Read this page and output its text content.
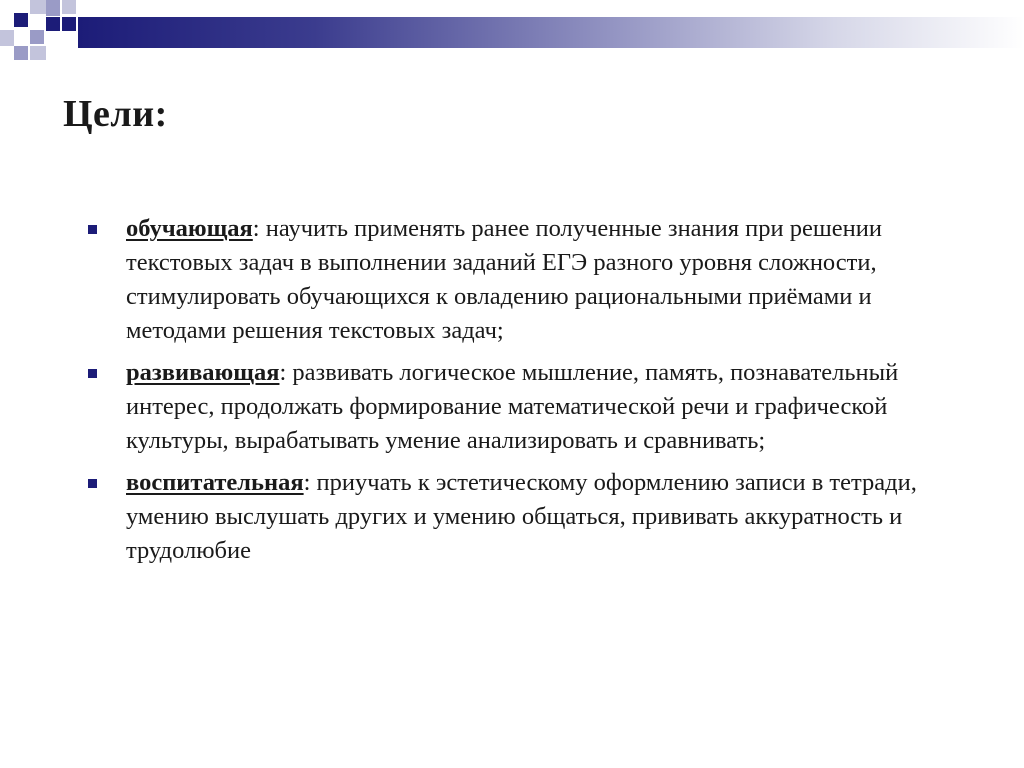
Цели:
обучающая: научить применять ранее полученные знания при решении текстовых задач в выполнении заданий ЕГЭ разного уровня сложности, стимулировать обучающихся к овладению рациональными приёмами и методами решения текстовых задач;
развивающая: развивать логическое мышление, память, познавательный интерес, продолжать формирование математической речи и графической культуры, вырабатывать умение анализировать и сравнивать;
воспитательная: приучать к эстетическому оформлению записи в тетради, умению выслушать других и умению общаться, прививать аккуратность и трудолюбие
